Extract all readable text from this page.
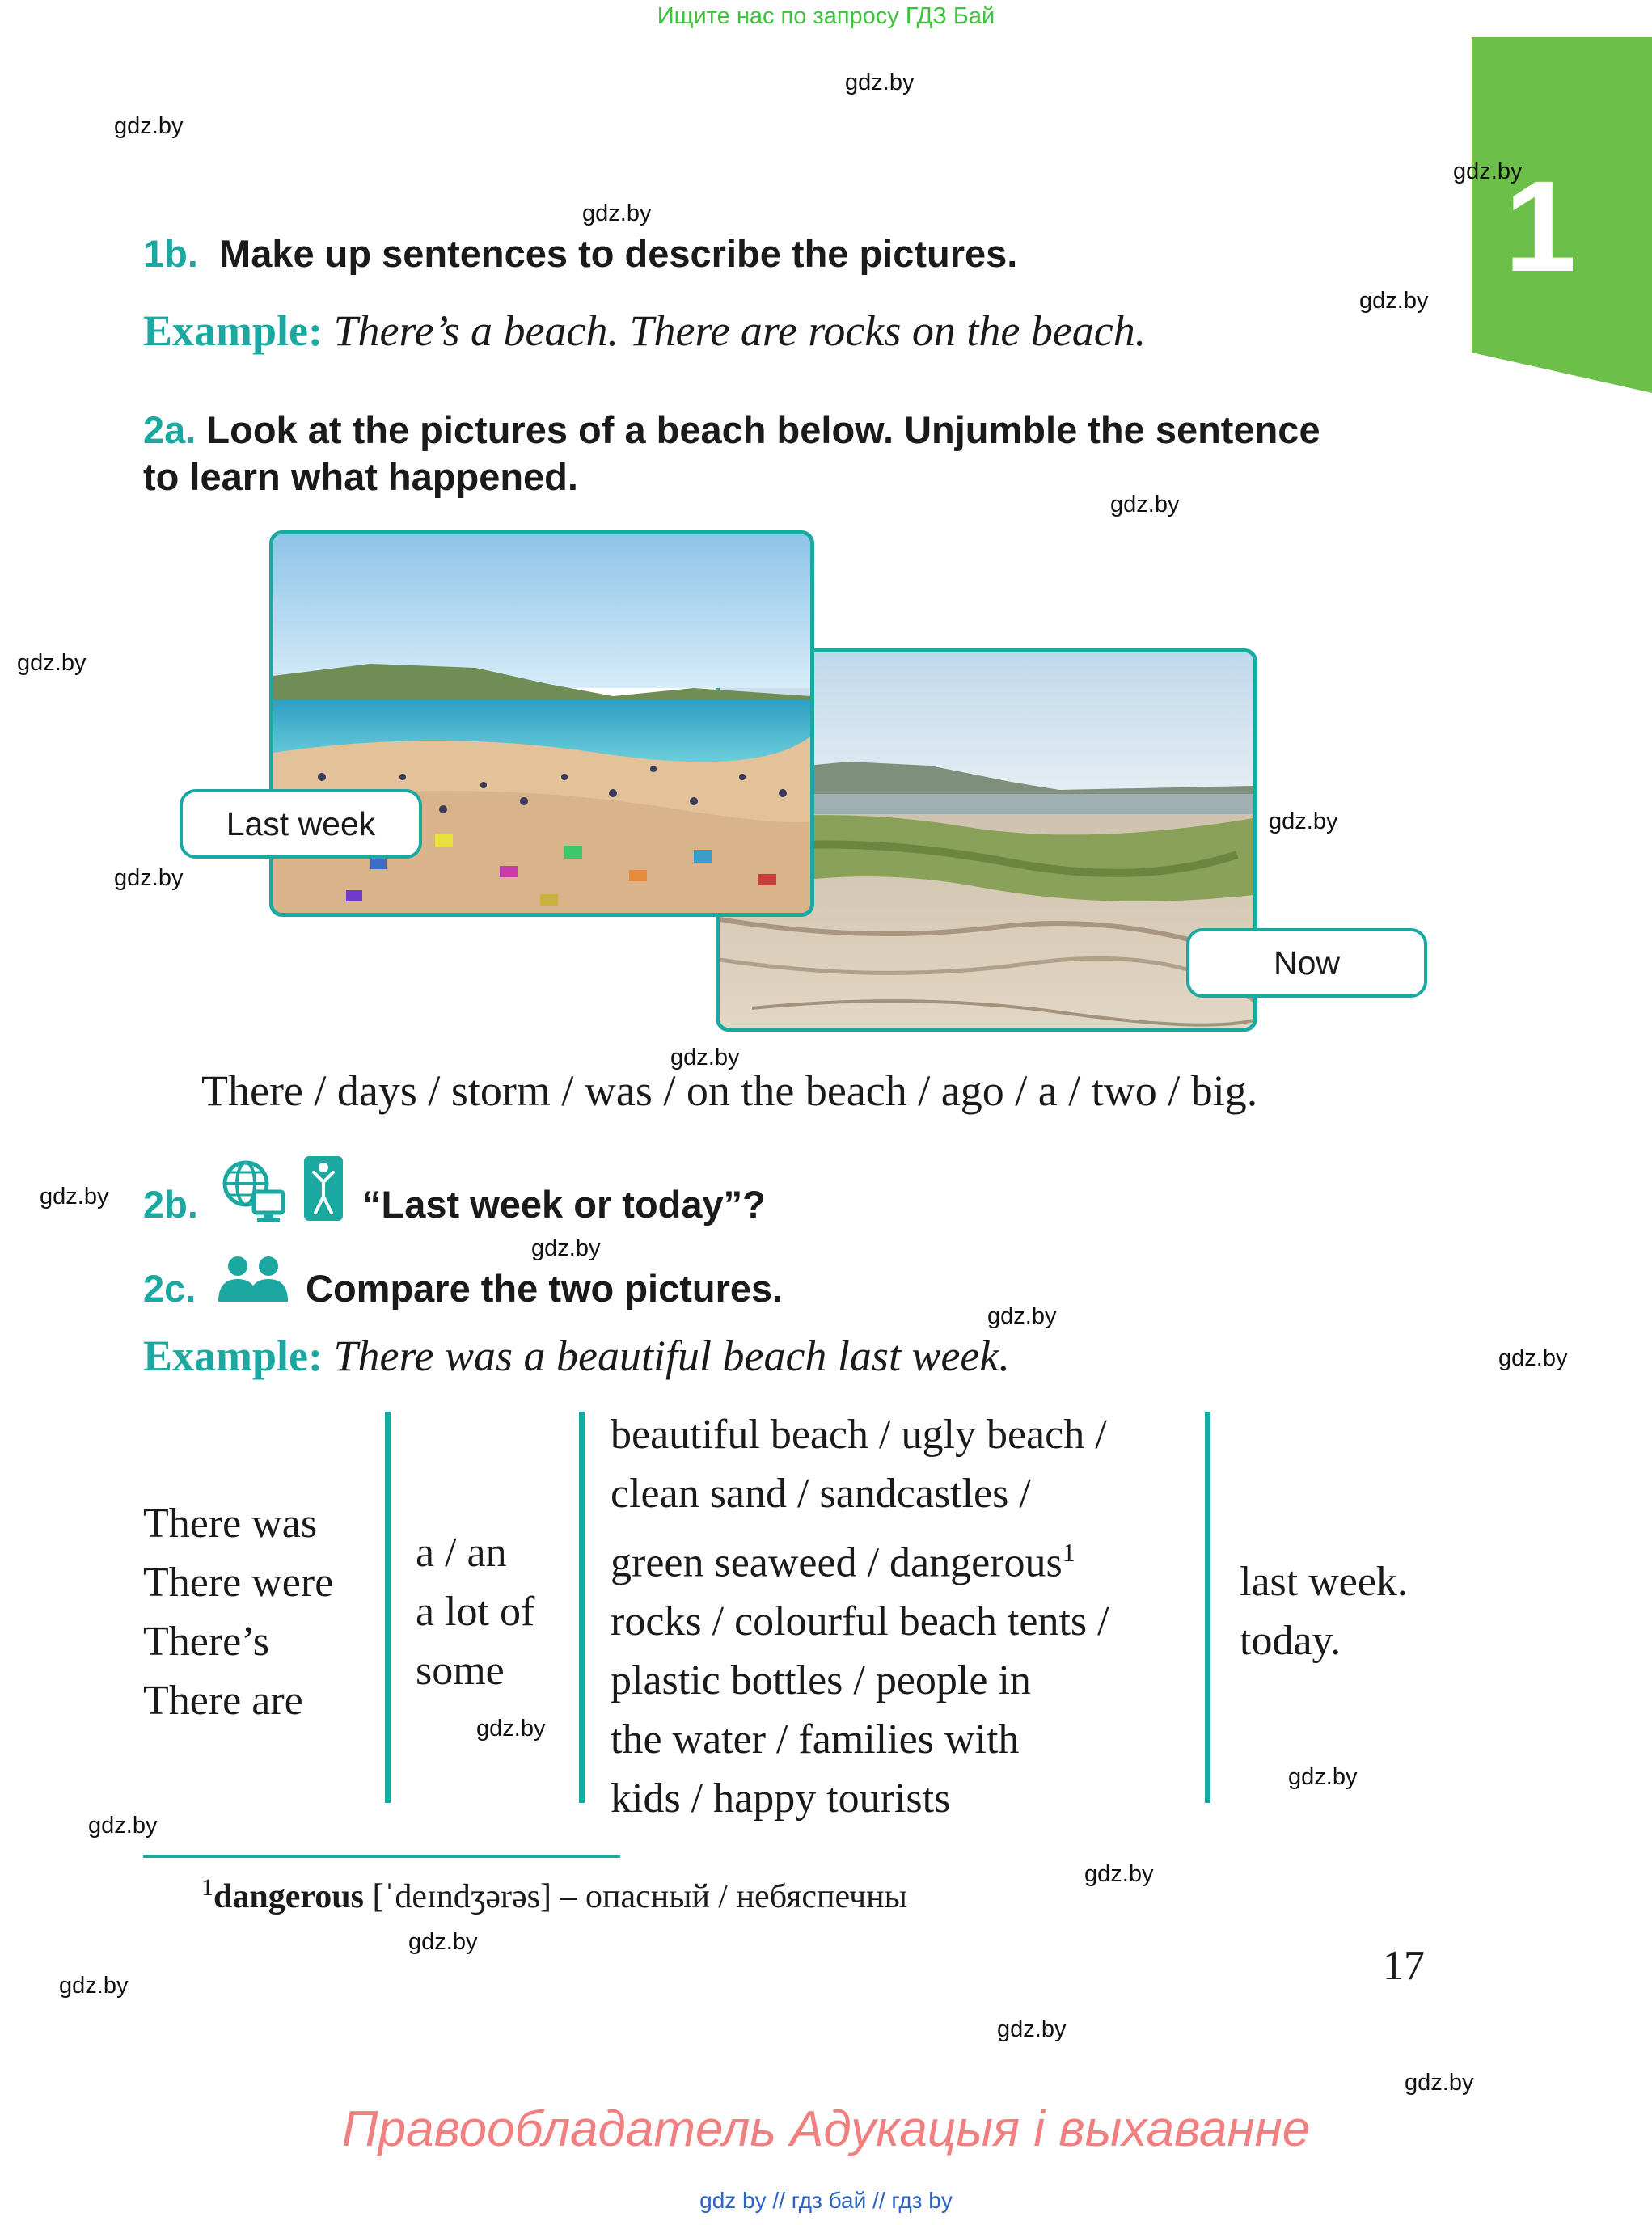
Ищите нас по запросу ГДЗ Бай
1
gdz.by
gdz.by
gdz.by
gdz.by
gdz.by
gdz.by
gdz.by
gdz.by
gdz.by
gdz.by
gdz.by
gdz.by
gdz.by
gdz.by
gdz.by
gdz.by
gdz.by
gdz.by
gdz.by
gdz.by
gdz.by
gdz.by
1b. Make up sentences to describe the pictures.
Example: There’s a beach. There are rocks on the beach.
2a. Look at the pictures of a beach below. Unjumble the sentence
to learn what happened.
Last week
Now
There / days / storm / was / on the beach / ago / a / two / big.
2b.	“Last week or today”?
2c.	Compare the two pictures.
Example: There was a beautiful beach last week.
There was
There were
There’s
There are
a / an
a lot of
some
beautiful beach / ugly beach /
clean sand / sandcastles /
green seaweed / dangerous$^1$
rocks / colourful beach tents /
plastic bottles / people in
the water / families with
kids / happy tourists
last week.
today.
$^1$dangerous [ˈdeɪndʒərəs] – опасный / небяспечны
17
Правообладатель Адукацыя і выхаванне
gdz by // гдз бай // гдз by
